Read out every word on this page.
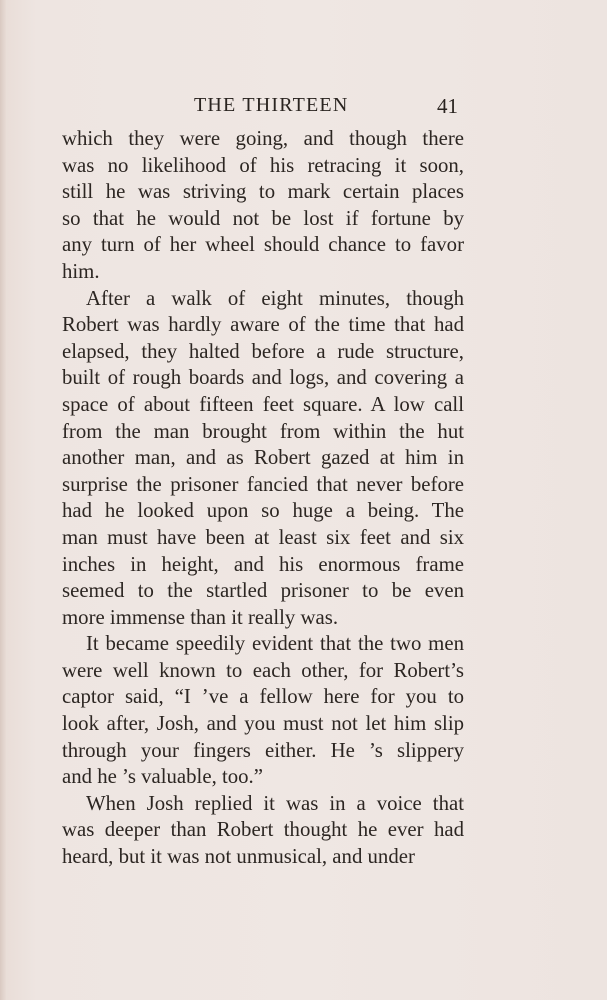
THE THIRTEEN	41
which they were going, and though there
was no likelihood of his retracing it soon,
still he was striving to mark certain places
so that he would not be lost if fortune by
any turn of her wheel should chance to favor
him.
After a walk of eight minutes, though
Robert was hardly aware of the time that had
elapsed, they halted before a rude structure,
built of rough boards and logs, and covering a
space of about fifteen feet square. A low call
from the man brought from within the hut
another man, and as Robert gazed at him in
surprise the prisoner fancied that never before
had he looked upon so huge a being. The
man must have been at least six feet and six
inches in height, and his enormous frame
seemed to the startled prisoner to be even
more immense than it really was.
It became speedily evident that the two men
were well known to each other, for Robert’s
captor said, “I ’ve a fellow here for you to
look after, Josh, and you must not let him slip
through your fingers either. He ’s slippery
and he ’s valuable, too.”
When Josh replied it was in a voice that
was deeper than Robert thought he ever had
heard, but it was not unmusical, and under
